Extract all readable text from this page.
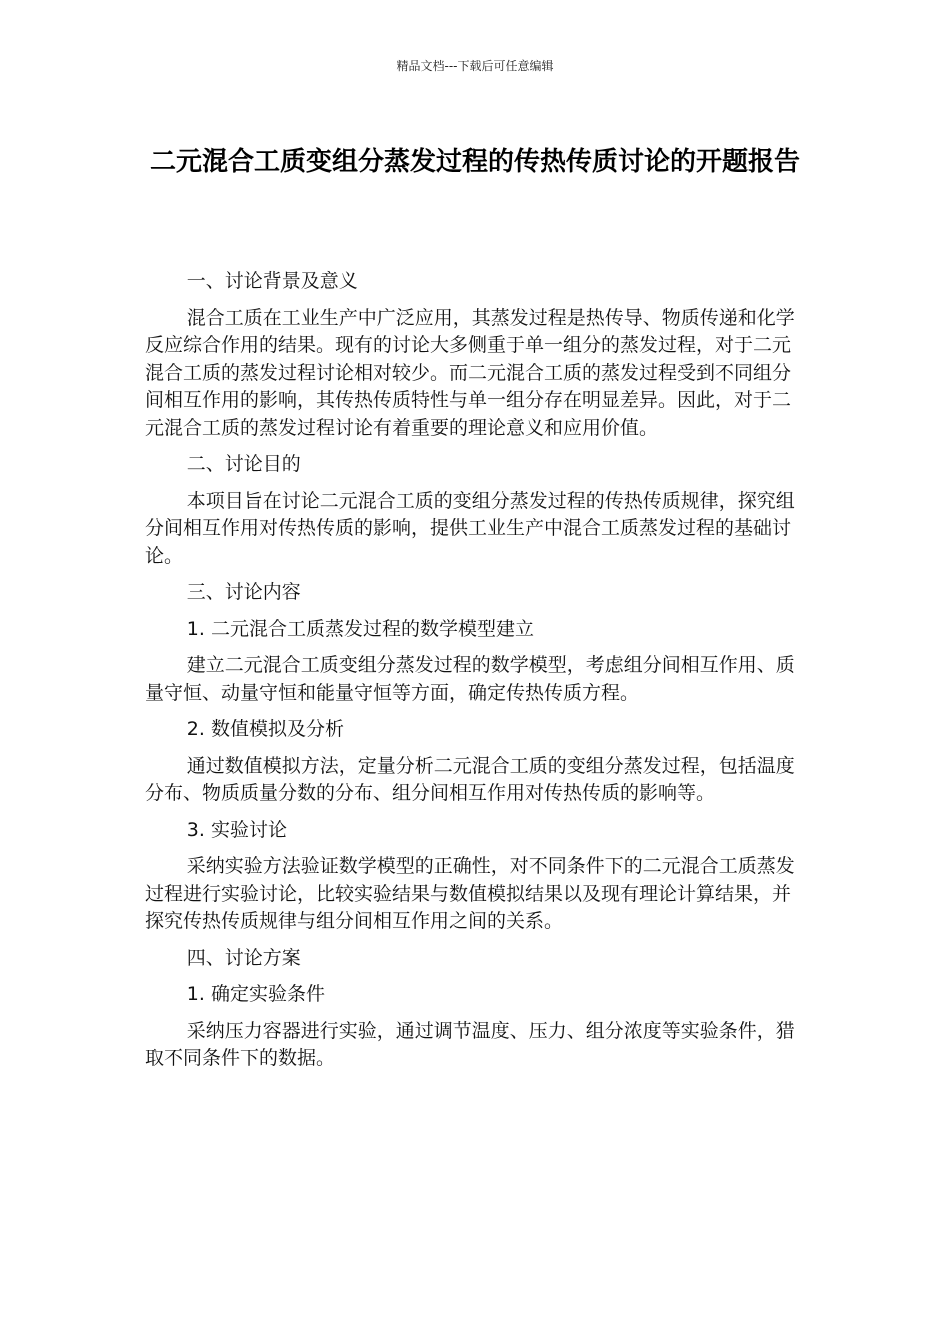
精品文档---下载后可任意编辑
二元混合工质变组分蒸发过程的传热传质讨论的开题报告
一、讨论背景及意义
混合工质在工业生产中广泛应用，其蒸发过程是热传导、物质传递和化学反应综合作用的结果。现有的讨论大多侧重于单一组分的蒸发过程，对于二元混合工质的蒸发过程讨论相对较少。而二元混合工质的蒸发过程受到不同组分间相互作用的影响，其传热传质特性与单一组分存在明显差异。因此，对于二元混合工质的蒸发过程讨论有着重要的理论意义和应用价值。
二、讨论目的
本项目旨在讨论二元混合工质的变组分蒸发过程的传热传质规律，探究组分间相互作用对传热传质的影响，提供工业生产中混合工质蒸发过程的基础讨论。
三、讨论内容
1. 二元混合工质蒸发过程的数学模型建立
建立二元混合工质变组分蒸发过程的数学模型，考虑组分间相互作用、质量守恒、动量守恒和能量守恒等方面，确定传热传质方程。
2. 数值模拟及分析
通过数值模拟方法，定量分析二元混合工质的变组分蒸发过程，包括温度分布、物质质量分数的分布、组分间相互作用对传热传质的影响等。
3. 实验讨论
采纳实验方法验证数学模型的正确性，对不同条件下的二元混合工质蒸发过程进行实验讨论，比较实验结果与数值模拟结果以及现有理论计算结果，并探究传热传质规律与组分间相互作用之间的关系。
四、讨论方案
1. 确定实验条件
采纳压力容器进行实验，通过调节温度、压力、组分浓度等实验条件，猎取不同条件下的数据。
